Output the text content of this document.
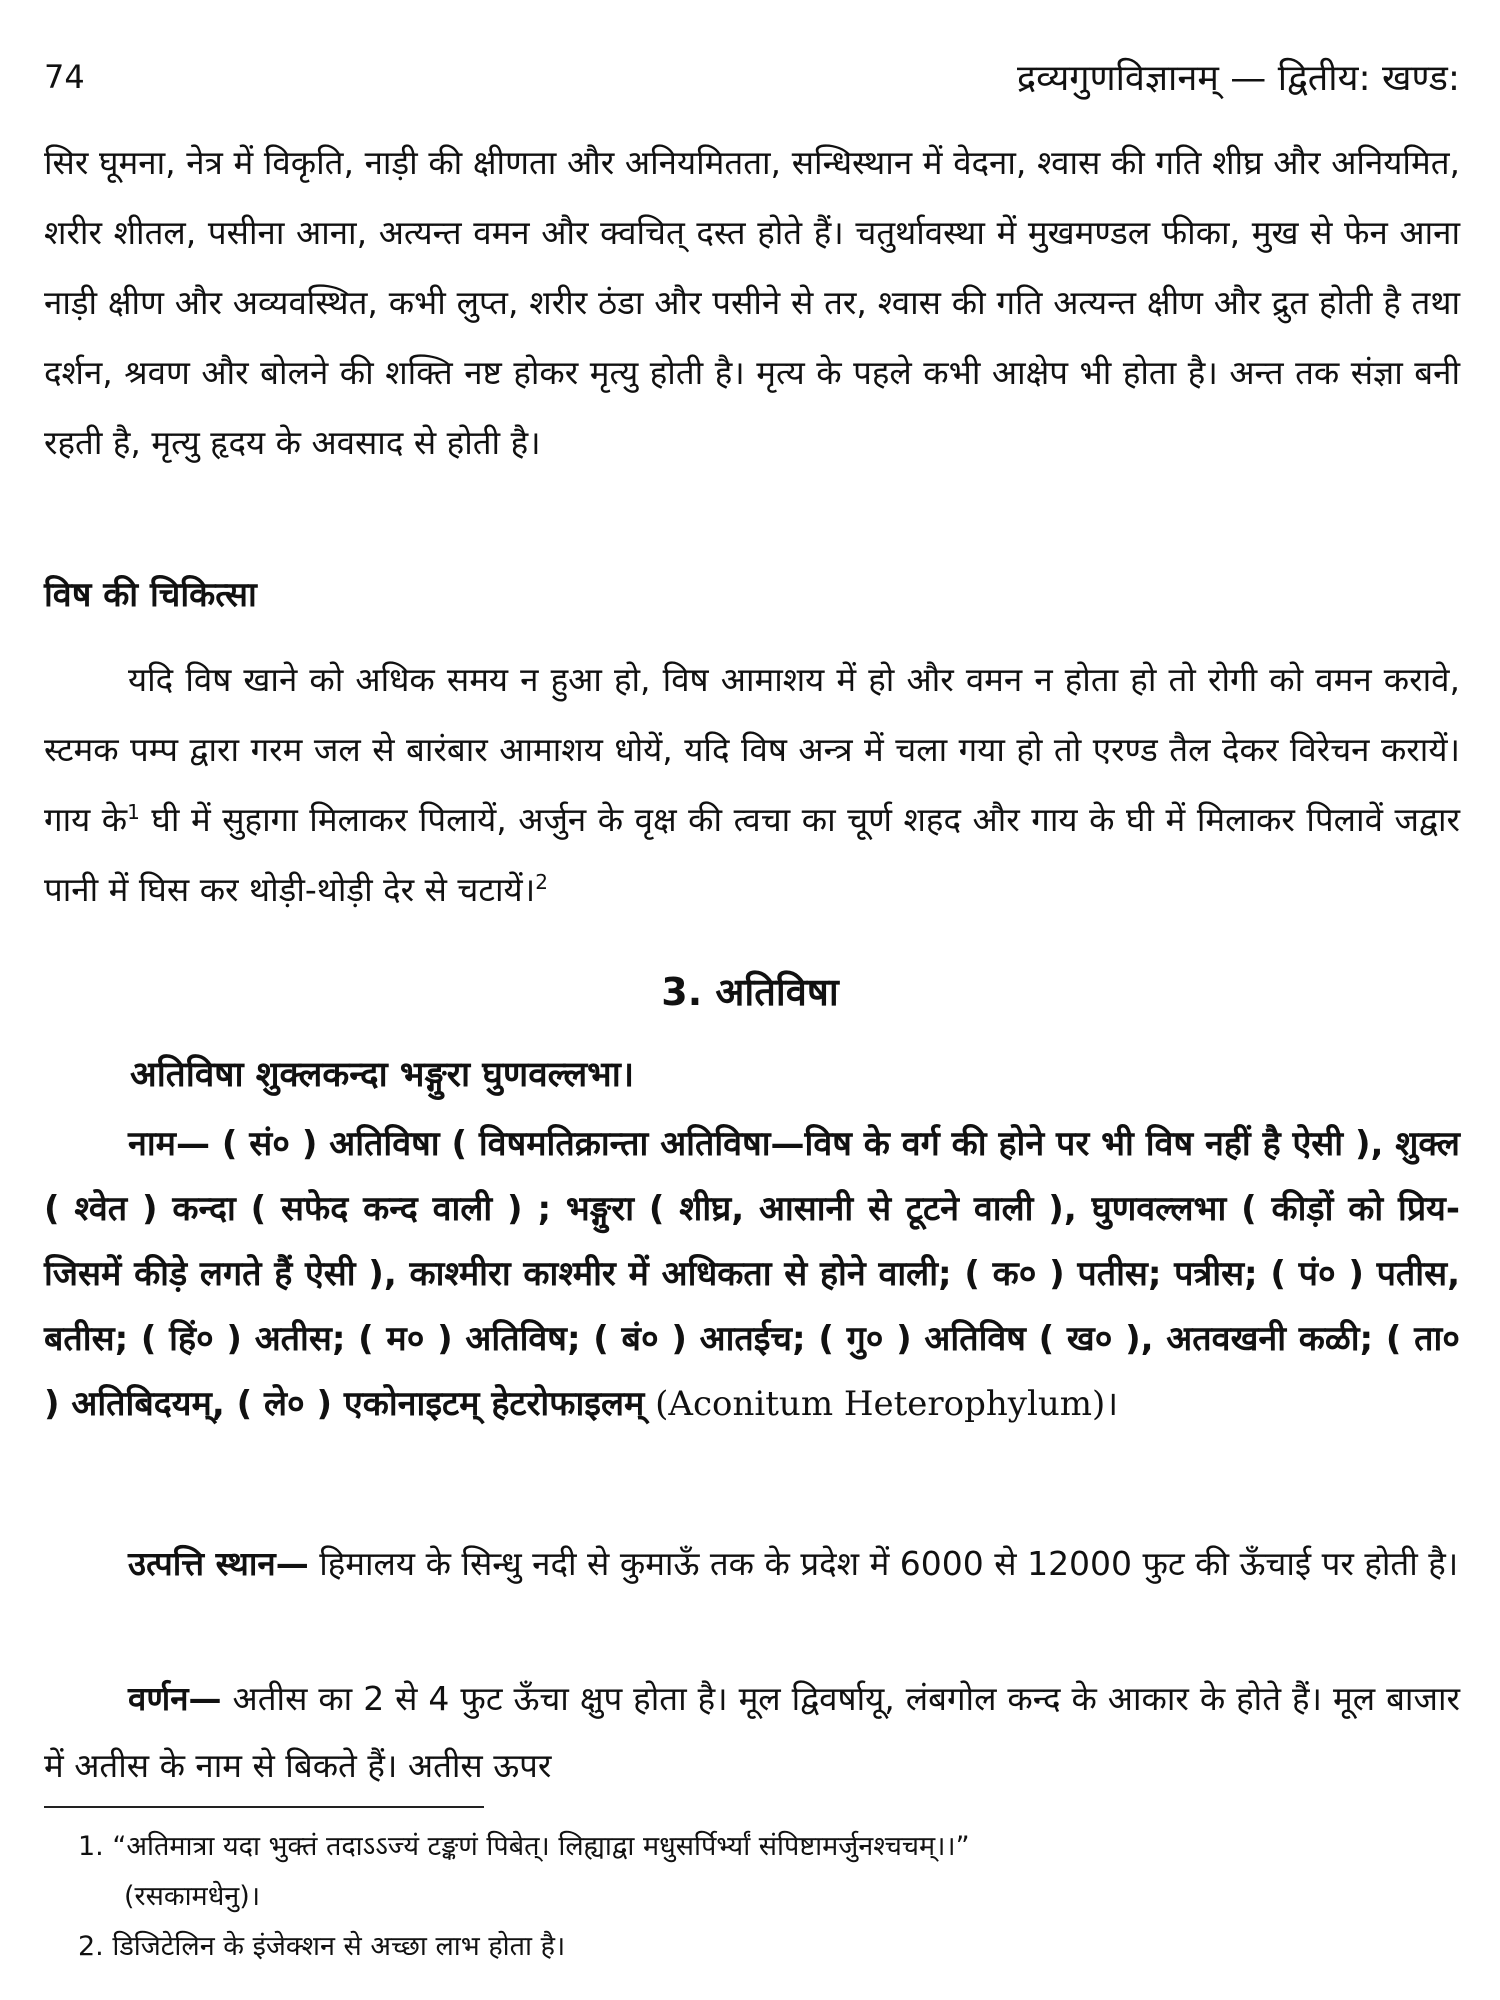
74	द्रव्यगुणविज्ञानम् — द्वितीय: खण्ड:

सिर घूमना, नेत्र में विकृति, नाड़ी की क्षीणता और अनियमितता, सन्धिस्थान में वेदना, श्वास की गति शीघ्र और अनियमित, शरीर शीतल, पसीना आना, अत्यन्त वमन और क्वचित् दस्त होते हैं। चतुर्थावस्था में मुखमण्डल फीका, मुख से फेन आना नाड़ी क्षीण और अव्यवस्थित, कभी लुप्त, शरीर ठंडा और पसीने से तर, श्वास की गति अत्यन्त क्षीण और द्रुत होती है तथा दर्शन, श्रवण और बोलने की शक्ति नष्ट होकर मृत्यु होती है। मृत्य के पहले कभी आक्षेप भी होता है। अन्त तक संज्ञा बनी रहती है, मृत्यु हृदय के अवसाद से होती है।

विष की चिकित्सा

यदि विष खाने को अधिक समय न हुआ हो, विष आमाशय में हो और वमन न होता हो तो रोगी को वमन करावे, स्टमक पम्प द्वारा गरम जल से बारंबार आमाशय धोयें, यदि विष अन्त्र में चला गया हो तो एरण्ड तैल देकर विरेचन करायें। गाय के$^1$ घी में सुहागा मिलाकर पिलायें, अर्जुन के वृक्ष की त्वचा का चूर्ण शहद और गाय के घी में मिलाकर पिलावें जद्वार पानी में घिस कर थोड़ी-थोड़ी देर से चटायें।$^2$

3. अतिविषा

अतिविषा शुक्लकन्दा भङ्गुरा घुणवल्लभा।

नाम— ( सं० ) अतिविषा ( विषमतिक्रान्ता अतिविषा—विष के वर्ग की होने पर भी विष नहीं है ऐसी ), शुक्ल ( श्वेत ) कन्दा ( सफेद कन्द वाली ) ; भङ्गुरा ( शीघ्र, आसानी से टूटने वाली ), घुणवल्लभा ( कीड़ों को प्रिय-जिसमें कीड़े लगते हैं ऐसी ), काश्मीरा काश्मीर में अधिकता से होने वाली; ( क० ) पतीस; पत्रीस; ( पं० ) पतीस, बतीस; ( हिं० ) अतीस; ( म० ) अतिविष; ( बं० ) आतईच; ( गु० ) अतिविष ( ख० ), अतवखनी कळी; ( ता० ) अतिबिदयम्, ( ले० ) एकोनाइटम् हेटरोफाइलम् (Aconitum Heterophylum)।

उत्पत्ति स्थान— हिमालय के सिन्धु नदी से कुमाऊँ तक के प्रदेश में 6000 से 12000 फुट की ऊँचाई पर होती है।

वर्णन— अतीस का 2 से 4 फुट ऊँचा क्षुप होता है। मूल द्विवर्षायू, लंबगोल कन्द के आकार के होते हैं। मूल बाजार में अतीस के नाम से बिकते हैं। अतीस ऊपर

1. “अतिमात्रा यदा भुक्तं तदाऽऽज्यं टङ्कणं पिबेत्। लिह्याद्वा मधुसर्पिर्भ्यां संपिष्टामर्जुनश्चचम्।।”
(रसकामधेनु)।
2. डिजिटेलिन के इंजेक्शन से अच्छा लाभ होता है।
